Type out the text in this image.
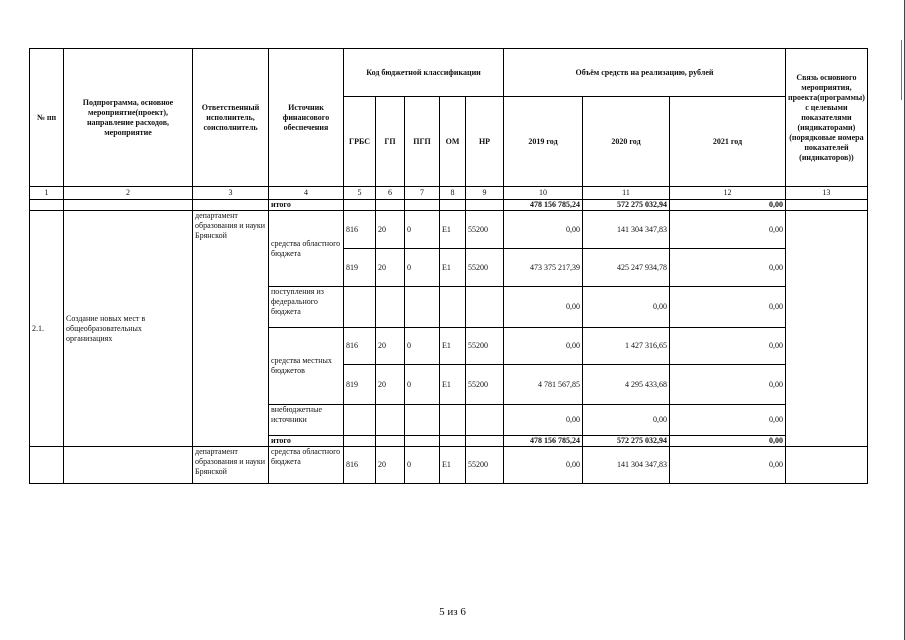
№ пп	Подпрограмма, основное мероприятие(проект), направление расходов, мероприятие	Ответственный исполнитель, соисполнитель	Источник финансового обеспечения	Код бюджетной классификации					Объём средств на реализацию, рублей			Связь основного мероприятия, проекта(программы) с целевыми показателями (индикаторами) (порядковые номера показателей (индикаторов))
				ГРБС	ГП	ПГП	ОМ	НР	2019 год	2020 год	2021 год	
1	2	3	4	5	6	7	8	9	10	11	12	13
			итого						478 156 785,24	572 275 032,94	0,00	
2.1.	Создание новых мест в общеобразовательных организациях	департамент образования и науки Брянской	средства областного бюджета	816	20	0	E1	55200	0,00	141 304 347,83	0,00	
				819	20	0	E1	55200	473 375 217,39	425 247 934,78	0,00	
			поступления из федерального бюджета						0,00	0,00	0,00	
			средства местных бюджетов	816	20	0	E1	55200	0,00	1 427 316,65	0,00	
				819	20	0	E1	55200	4 781 567,85	4 295 433,68	0,00	
			внебюджетные источники						0,00	0,00	0,00	
			итого						478 156 785,24	572 275 032,94	0,00	

		департамент образования и науки Брянской	средства областного бюджета	816	20	0	E1	55200	0,00	141 304 347,83	0,00	
5 из 6
